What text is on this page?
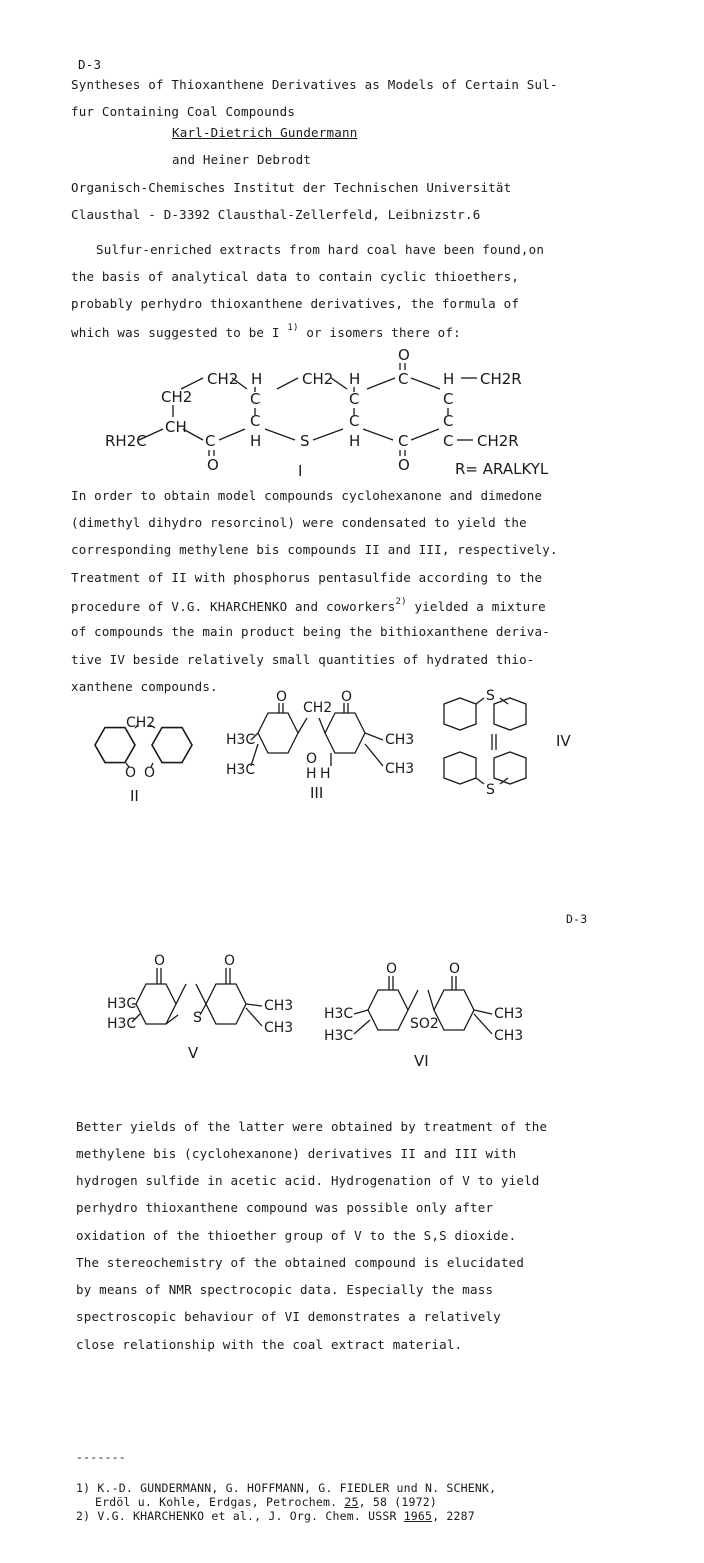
D-3
Syntheses of Thioxanthene Derivatives as Models of Certain Sul-
fur Containing Coal Compounds
Karl-Dietrich Gundermann
and Heiner Debrodt
Organisch-Chemisches Institut der Technischen Universität
Clausthal - D-3392 Clausthal-Zellerfeld, Leibnizstr.6
Sulfur-enriched extracts from hard coal have been found,on
the basis of analytical data to contain cyclic thioethers,
probably perhydro thioxanthene derivatives, the formula of
which was suggested to be I $^{1)}$ or isomers there of:
CH2 H	CH2 H
O
C H CH2R
CH2	C	C
C	C
CH
C
C
C
RH2C	C
H	S	H	C CH2R
O	O
I	R= ARALKYL
In order to obtain model compounds cyclohexanone and dimedone
(dimethyl dihydro resorcinol) were condensated to yield the
corresponding methylene bis compounds II and III, respectively.
Treatment of II with phosphorus pentasulfide according to the
procedure of V.G. KHARCHENKO and coworkers$^{2)}$ yielded a mixture
of compounds the main product being the bithioxanthene deriva-
tive IV beside relatively small quantities of hydrated thio-
xanthene compounds.
CH2
O O
II
O	O
CH2
H3C
H3C
O
H H
CH3
CH3
III
S
S
IV
D-3
O	O
H3C
H3C	S
CH3
CH3
V
O	O
H3C
H3C
SO2
CH3
CH3
VI
Better yields of the latter were obtained by treatment of the
methylene bis (cyclohexanone) derivatives II and III with
hydrogen sulfide in acetic acid. Hydrogenation of V to yield
perhydro thioxanthene compound was possible only after
oxidation of the thioether group of V to the S,S dioxide.
The stereochemistry of the obtained compound is elucidated
by means of NMR spectrocopic data. Especially the mass
spectroscopic behaviour of VI demonstrates a relatively
close relationship with the coal extract material.
-------
1) K.-D. GUNDERMANN, G. HOFFMANN, G. FIEDLER und N. SCHENK,
Erdöl u. Kohle, Erdgas, Petrochem. 25, 58 (1972)
2) V.G. KHARCHENKO et al., J. Org. Chem. USSR 1965, 2287
